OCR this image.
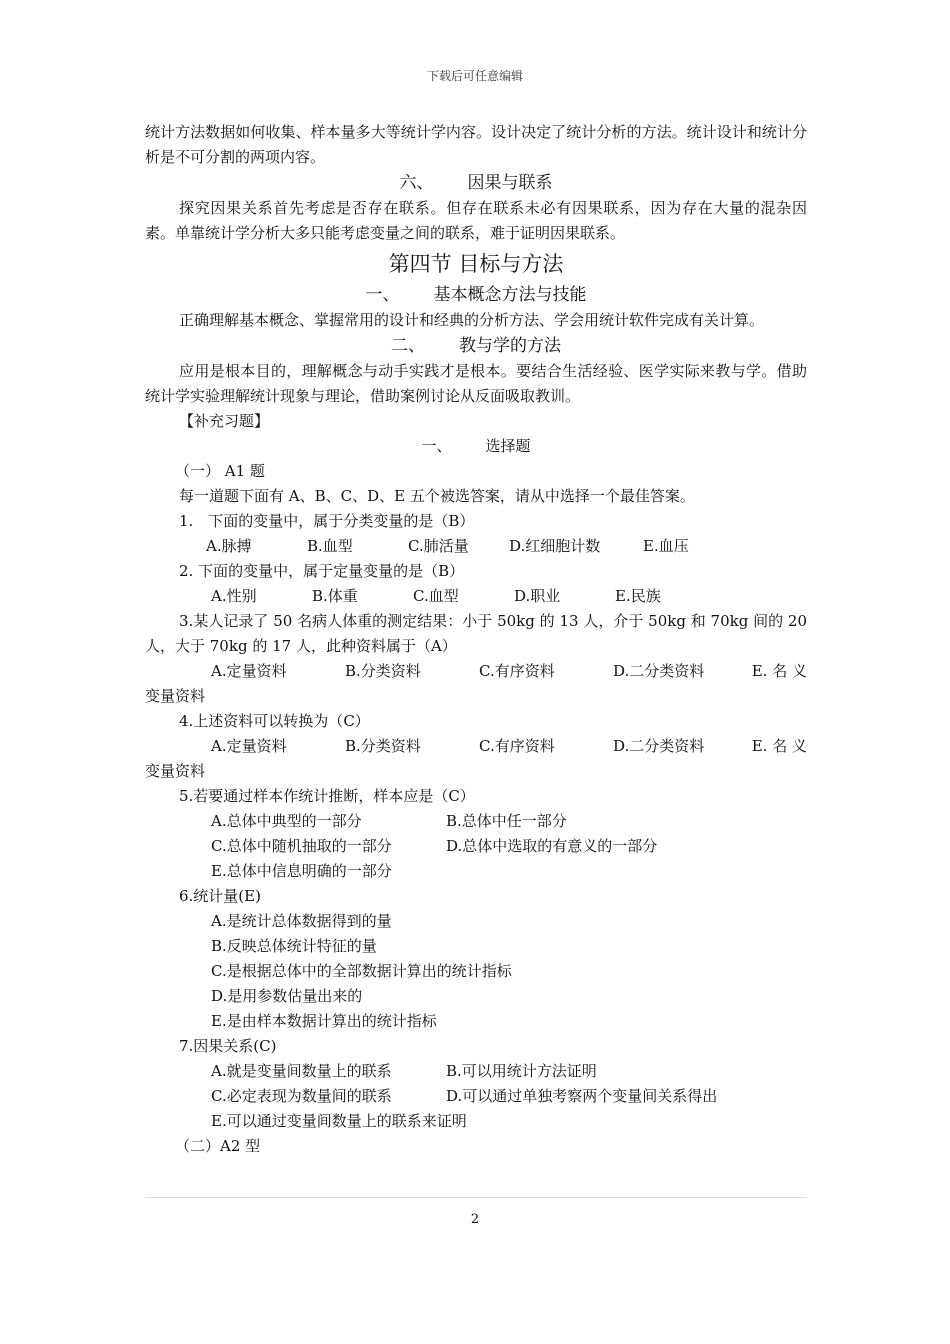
下载后可任意编辑

统计方法数据如何收集、样本量多大等统计学内容。设计决定了统计分析的方法。统计设计和统计分析是不可分割的两项内容。

六、 因果与联系

探究因果关系首先考虑是否存在联系。但存在联系未必有因果联系，因为存在大量的混杂因素。单靠统计学分析大多只能考虑变量之间的联系，难于证明因果联系。

第四节 目标与方法

一、 基本概念方法与技能

正确理解基本概念、掌握常用的设计和经典的分析方法、学会用统计软件完成有关计算。

二、 教与学的方法

应用是根本目的，理解概念与动手实践才是根本。要结合生活经验、医学实际来教与学。借助统计学实验理解统计现象与理论，借助案例讨论从反面吸取教训。

【补充习题】

一、 选择题

（一） A1 题

每一道题下面有 A、B、C、D、E 五个被选答案，请从中选择一个最佳答案。

1.　下面的变量中，属于分类变量的是（B）

A.脉搏	B.血型	C.肺活量	D.红细胞计数	E.血压

2. 下面的变量中，属于定量变量的是（B）

A.性别	B.体重	C.血型	D.职业	E.民族

3.某人记录了 50 名病人体重的测定结果：小于 50kg 的 13 人，介于 50kg 和 70kg 间的 20 人，大于 70kg 的 17 人，此种资料属于（A）

A.定量资料	B.分类资料	C.有序资料	D.二分类资料	E. 名 义

变量资料

4.上述资料可以转换为（C）

A.定量资料	B.分类资料	C.有序资料	D.二分类资料	E. 名 义

变量资料

5.若要通过样本作统计推断，样本应是（C）

A.总体中典型的一部分	B.总体中任一部分
C.总体中随机抽取的一部分	D.总体中选取的有意义的一部分

E.总体中信息明确的一部分

6.统计量(E)

A.是统计总体数据得到的量

B.反映总体统计特征的量

C.是根据总体中的全部数据计算出的统计指标

D.是用参数估量出来的

E.是由样本数据计算出的统计指标

7.因果关系(C)

A.就是变量间数量上的联系	B.可以用统计方法证明
C.必定表现为数量间的联系	D.可以通过单独考察两个变量间关系得出

E.可以通过变量间数量上的联系来证明

（二）A2 型

2
